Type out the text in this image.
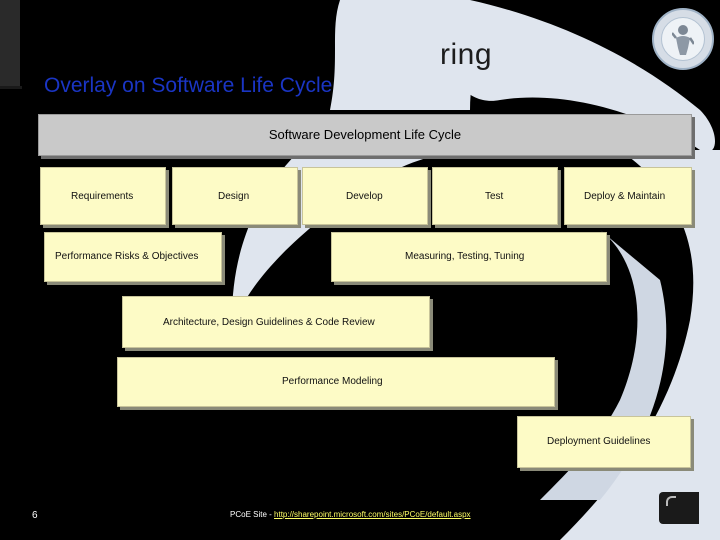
ring
Overlay on Software Life Cycle
Software Development Life Cycle
Requirements	Design	Develop	Test	Deploy & Maintain
Performance Risks & Objectives	Measuring, Testing, Tuning
Architecture, Design Guidelines & Code Review
Performance Modeling
Deployment Guidelines
6	PCoE Site - http://sharepoint.microsoft.com/sites/PCoE/default.aspx
